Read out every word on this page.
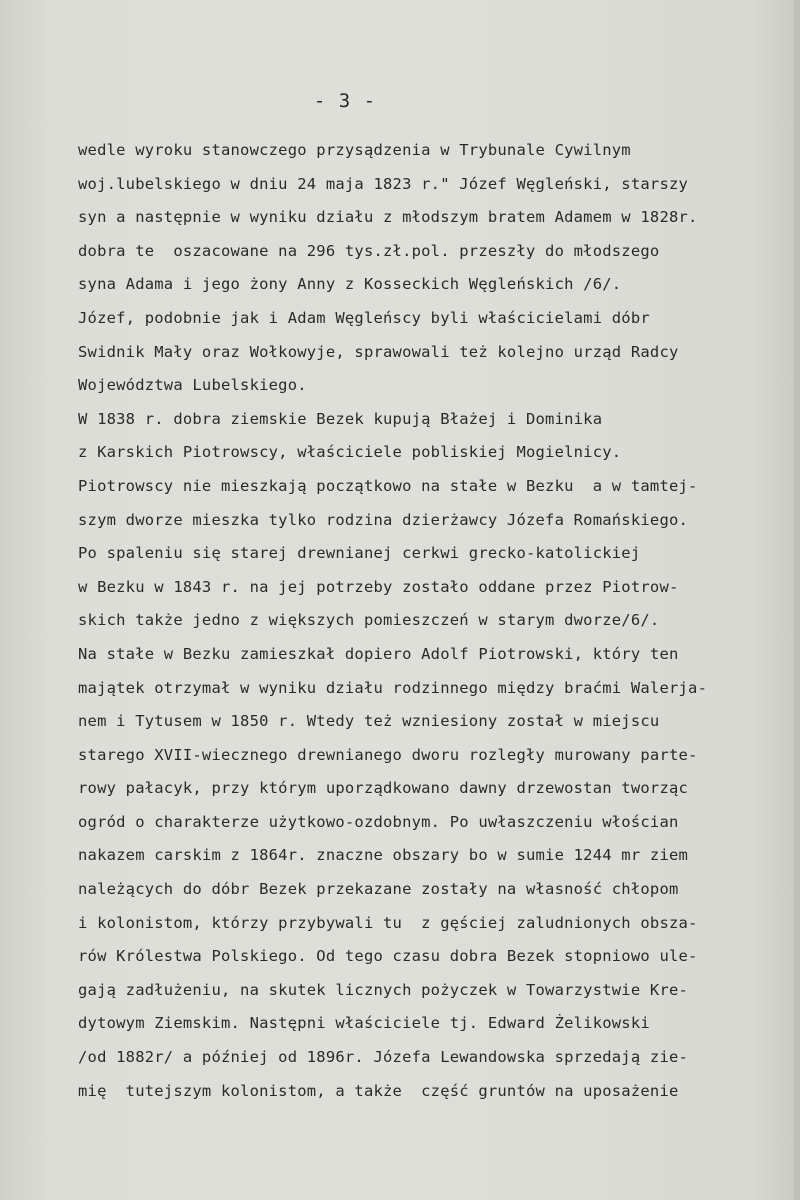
- 3 -
wedle wyroku stanowczego przysądzenia w Trybunale Cywilnym
woj.lubelskiego w dniu 24 maja 1823 r." Józef Węgleński, starszy
syn a następnie w wyniku działu z młodszym bratem Adamem w 1828r.
dobra te  oszacowane na 296 tys.zł.pol. przeszły do młodszego
syna Adama i jego żony Anny z Kosseckich Węgleńskich /6/.
Józef, podobnie jak i Adam Węgleńscy byli właścicielami dóbr
Swidnik Mały oraz Wołkowyje, sprawowali też kolejno urząd Radcy
Województwa Lubelskiego.
W 1838 r. dobra ziemskie Bezek kupują Błażej i Dominika
z Karskich Piotrowscy, właściciele pobliskiej Mogielnicy.
Piotrowscy nie mieszkają początkowo na stałe w Bezku  a w tamtej-
szym dworze mieszka tylko rodzina dzierżawcy Józefa Romańskiego.
Po spaleniu się starej drewnianej cerkwi grecko-katolickiej
w Bezku w 1843 r. na jej potrzeby zostało oddane przez Piotrow-
skich także jedno z większych pomieszczeń w starym dworze/6/.
Na stałe w Bezku zamieszkał dopiero Adolf Piotrowski, który ten
majątek otrzymał w wyniku działu rodzinnego między braćmi Walerja-
nem i Tytusem w 1850 r. Wtedy też wzniesiony został w miejscu
starego XVII-wiecznego drewnianego dworu rozległy murowany parte-
rowy pałacyk, przy którym uporządkowano dawny drzewostan tworząc
ogród o charakterze użytkowo-ozdobnym. Po uwłaszczeniu włościan
nakazem carskim z 1864r. znaczne obszary bo w sumie 1244 mr ziem
należących do dóbr Bezek przekazane zostały na własność chłopom
i kolonistom, którzy przybywali tu  z gęściej zaludnionych obsza-
rów Królestwa Polskiego. Od tego czasu dobra Bezek stopniowo ule-
gają zadłużeniu, na skutek licznych pożyczek w Towarzystwie Kre-
dytowym Ziemskim. Następni właściciele tj. Edward Żelikowski
/od 1882r/ a później od 1896r. Józefa Lewandowska sprzedają zie-
mię  tutejszym kolonistom, a także  część gruntów na uposażenie
